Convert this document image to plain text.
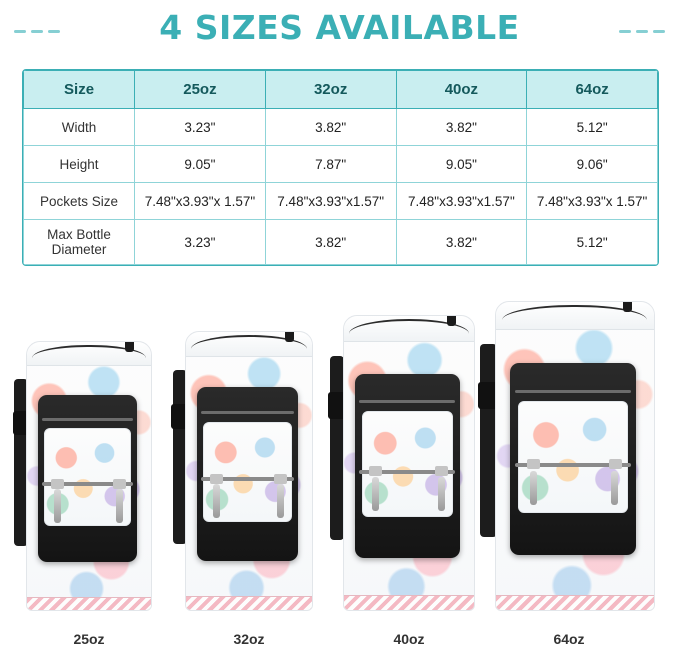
4 SIZES AVAILABLE
Size	25oz	32oz	40oz	64oz
Width	3.23"	3.82"	3.82"	5.12"
Height	9.05"	7.87"	9.05"	9.06"
Pockets Size	7.48"x3.93"x 1.57"	7.48"x3.93"x1.57"	7.48"x3.93"x1.57"	7.48"x3.93"x 1.57"
Max Bottle Diameter	3.23"	3.82"	3.82"	5.12"
25oz	32oz	40oz	64oz
